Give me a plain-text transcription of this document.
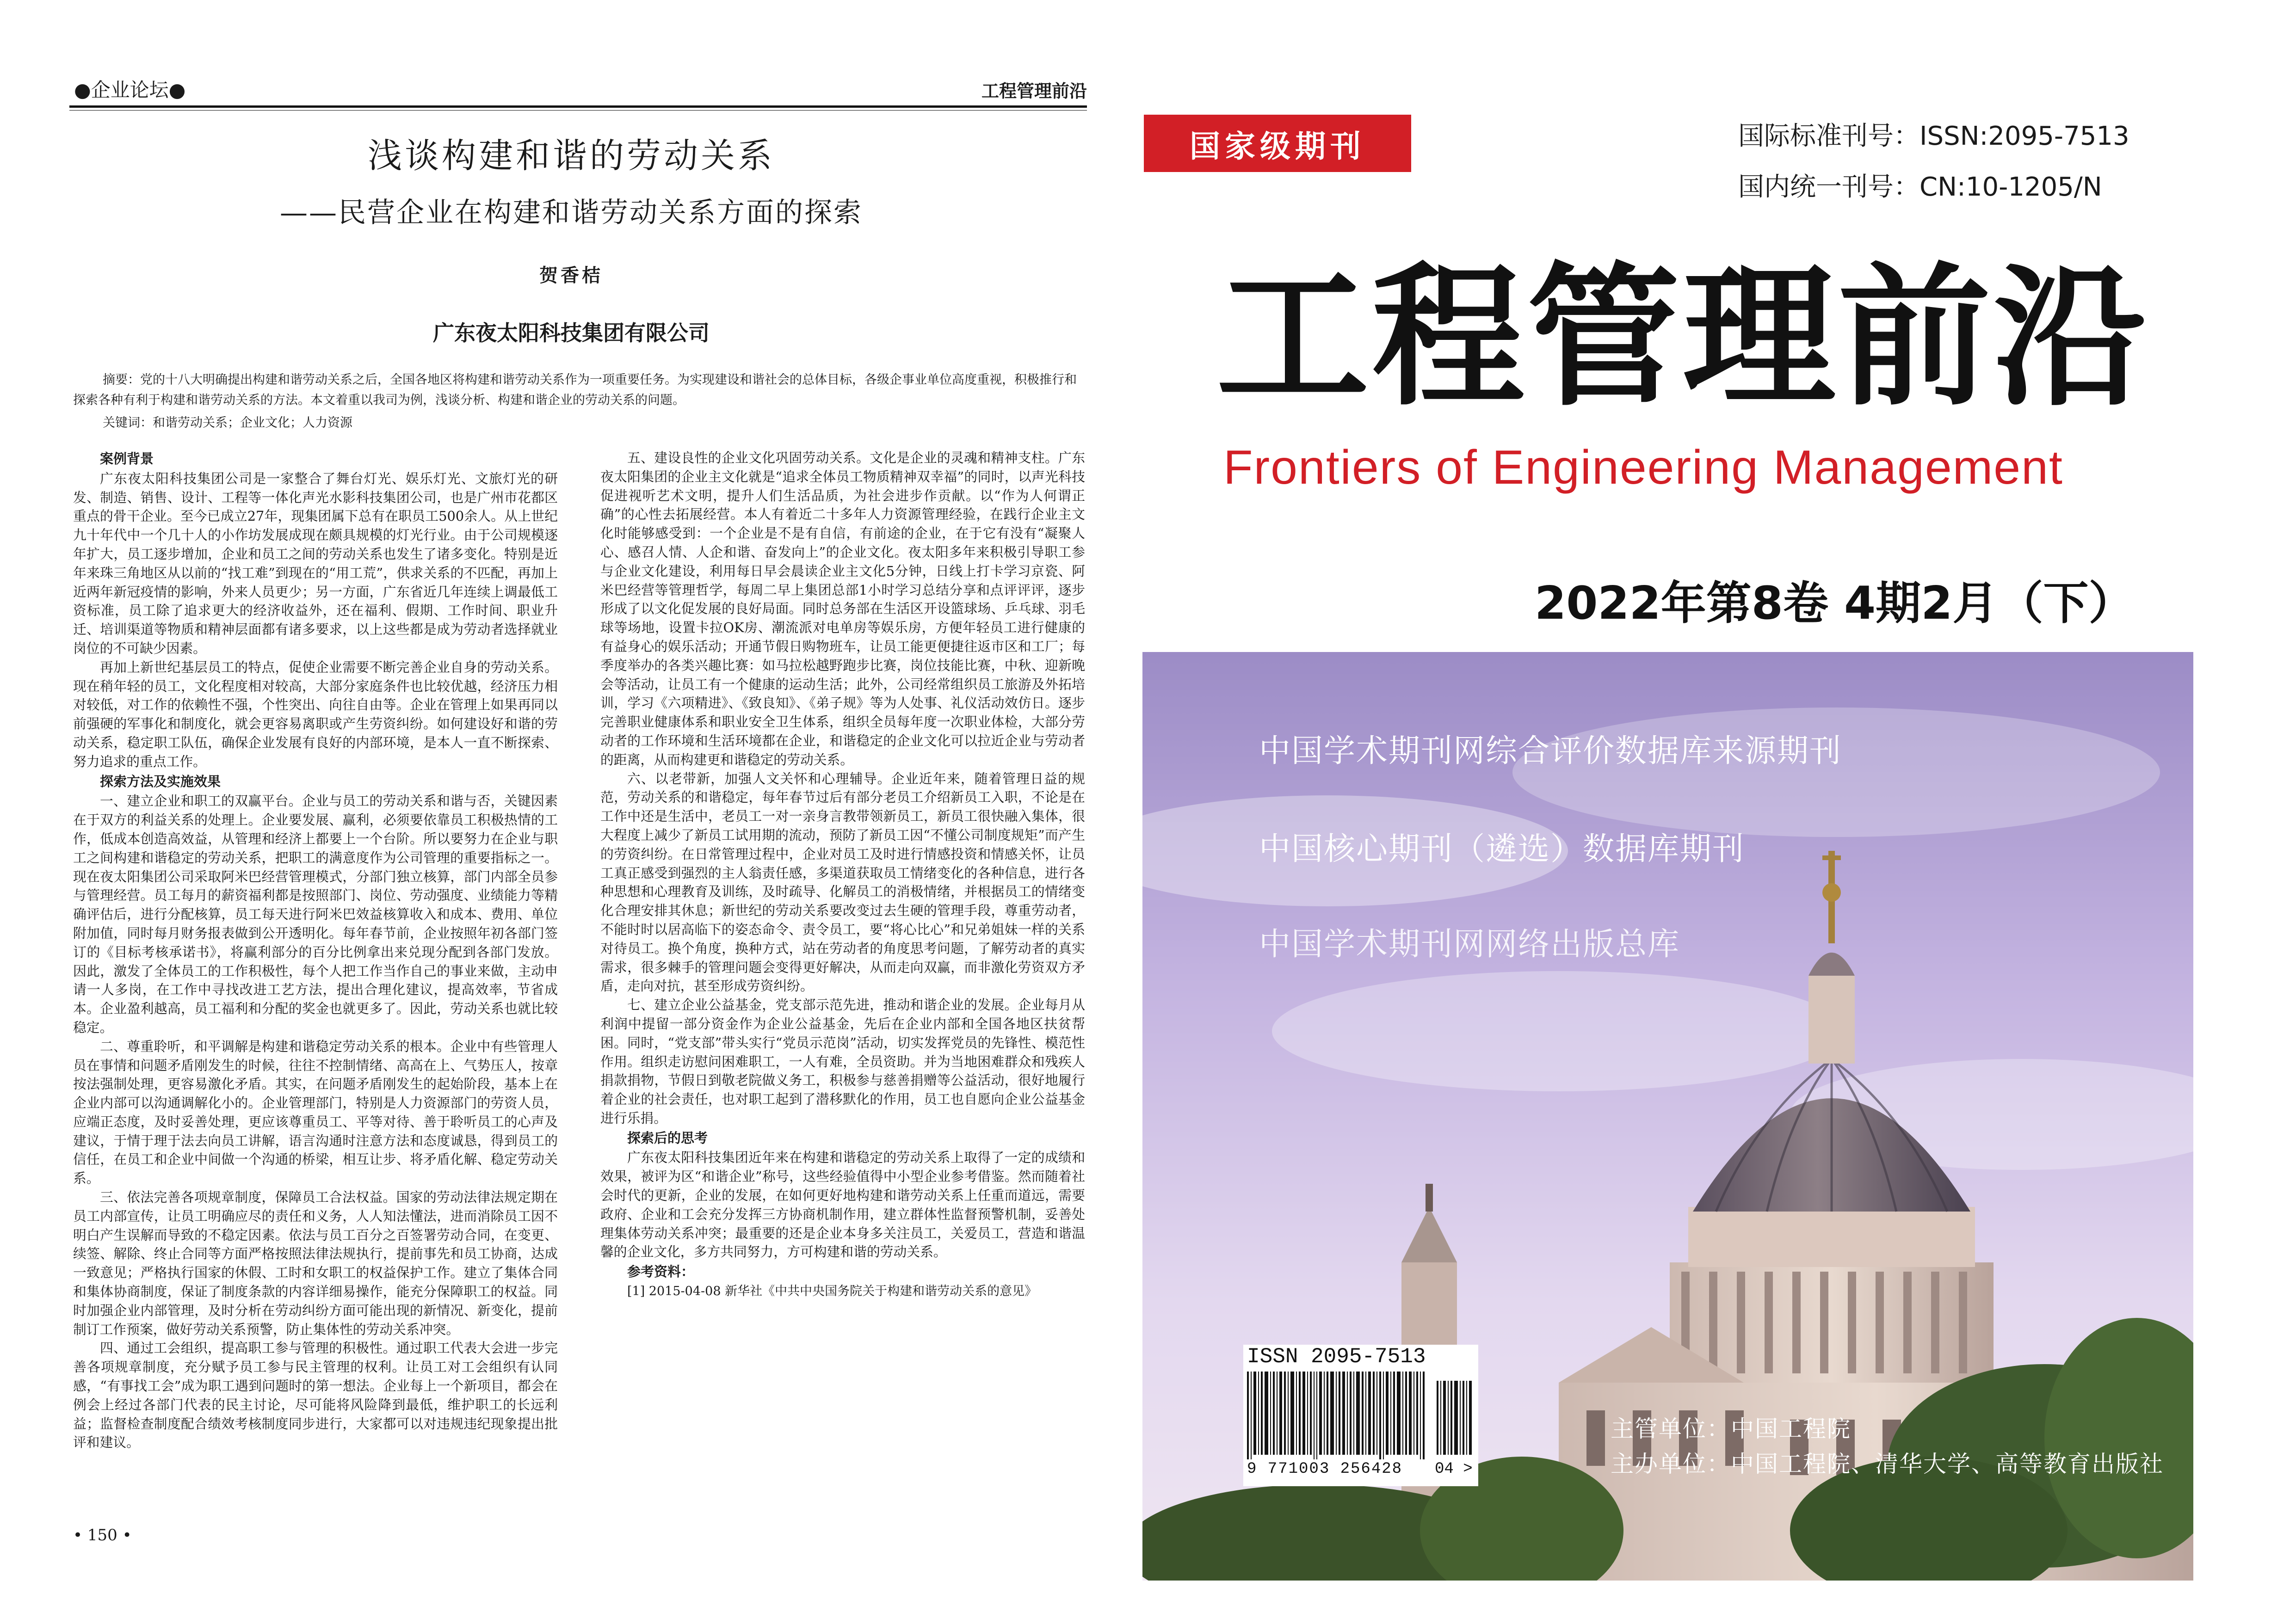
●企业论坛●	工程管理前沿
浅谈构建和谐的劳动关系
——民营企业在构建和谐劳动关系方面的探索
贺香桔
广东夜太阳科技集团有限公司
摘要：党的十八大明确提出构建和谐劳动关系之后，全国各地区将构建和谐劳动关系作为一项重要任务。为实现建设和谐社会的总体目标，各级企事业单位高度重视，积极推行和探索各种有利于构建和谐劳动关系的方法。本文着重以我司为例，浅谈分析、构建和谐企业的劳动关系的问题。
关键词：和谐劳动关系；企业文化；人力资源
案例背景

广东夜太阳科技集团公司是一家整合了舞台灯光、娱乐灯光、文旅灯光的研发、制造、销售、设计、工程等一体化声光水影科技集团公司，也是广州市花都区重点的骨干企业。至今已成立27年，现集团属下总有在职员工500余人。从上世纪九十年代中一个几十人的小作坊发展成现在颇具规模的灯光行业。由于公司规模逐年扩大，员工逐步增加，企业和员工之间的劳动关系也发生了诸多变化。特别是近年来珠三角地区从以前的“找工难”到现在的“用工荒”，供求关系的不匹配，再加上近两年新冠疫情的影响，外来人员更少；另一方面，广东省近几年连续上调最低工资标准，员工除了追求更大的经济收益外，还在福利、假期、工作时间、职业升迁、培训渠道等物质和精神层面都有诸多要求，以上这些都是成为劳动者选择就业岗位的不可缺少因素。

再加上新世纪基层员工的特点，促使企业需要不断完善企业自身的劳动关系。现在稍年轻的员工，文化程度相对较高，大部分家庭条件也比较优越，经济压力相对较低，对工作的依赖性不强，个性突出、向往自由等。企业在管理上如果再同以前强硬的军事化和制度化，就会更容易离职或产生劳资纠纷。如何建设好和谐的劳动关系，稳定职工队伍，确保企业发展有良好的内部环境，是本人一直不断探索、努力追求的重点工作。

探索方法及实施效果

一、建立企业和职工的双赢平台。企业与员工的劳动关系和谐与否，关键因素在于双方的利益关系的处理上。企业要发展、赢利，必须要依靠员工积极热情的工作，低成本创造高效益，从管理和经济上都要上一个台阶。所以要努力在企业与职工之间构建和谐稳定的劳动关系，把职工的满意度作为公司管理的重要指标之一。现在夜太阳集团公司采取阿米巴经营管理模式，分部门独立核算，部门内部全员参与管理经营。员工每月的薪资福利都是按照部门、岗位、劳动强度、业绩能力等精确评估后，进行分配核算，员工每天进行阿米巴效益核算收入和成本、费用、单位附加值，同时每月财务报表做到公开透明化。每年春节前，企业按照年初各部门签订的《目标考核承诺书》，将赢利部分的百分比例拿出来兑现分配到各部门发放。因此，激发了全体员工的工作积极性，每个人把工作当作自己的事业来做，主动申请一人多岗，在工作中寻找改进工艺方法，提出合理化建议，提高效率，节省成本。企业盈利越高，员工福利和分配的奖金也就更多了。因此，劳动关系也就比较稳定。

二、尊重聆听，和平调解是构建和谐稳定劳动关系的根本。企业中有些管理人员在事情和问题矛盾刚发生的时候，往往不控制情绪、高高在上、气势压人，按章按法强制处理，更容易激化矛盾。其实，在问题矛盾刚发生的起始阶段，基本上在企业内部可以沟通调解化小的。企业管理部门，特别是人力资源部门的劳资人员，应端正态度，及时妥善处理，更应该尊重员工、平等对待、善于聆听员工的心声及建议，于情于理于法去向员工讲解，语言沟通时注意方法和态度诚恳，得到员工的信任，在员工和企业中间做一个沟通的桥梁，相互让步、将矛盾化解、稳定劳动关系。

三、依法完善各项规章制度，保障员工合法权益。国家的劳动法律法规定期在员工内部宣传，让员工明确应尽的责任和义务，人人知法懂法，进而消除员工因不明白产生误解而导致的不稳定因素。依法与员工百分之百签署劳动合同，在变更、续签、解除、终止合同等方面严格按照法律法规执行，提前事先和员工协商，达成一致意见；严格执行国家的休假、工时和女职工的权益保护工作。建立了集体合同和集体协商制度，保证了制度条款的内容详细易操作，能充分保障职工的权益。同时加强企业内部管理，及时分析在劳动纠纷方面可能出现的新情况、新变化，提前制订工作预案，做好劳动关系预警，防止集体性的劳动关系冲突。

四、通过工会组织，提高职工参与管理的积极性。通过职工代表大会进一步完善各项规章制度，充分赋予员工参与民主管理的权利。让员工对工会组织有认同感，“有事找工会”成为职工遇到问题时的第一想法。企业每上一个新项目，都会在例会上经过各部门代表的民主讨论，尽可能将风险降到最低，维护职工的长远利益；监督检查制度配合绩效考核制度同步进行，大家都可以对违规违纪现象提出批评和建议。

五、建设良性的企业文化巩固劳动关系。文化是企业的灵魂和精神支柱。广东夜太阳集团的企业主文化就是“追求全体员工物质精神双幸福”的同时，以声光科技促进视听艺术文明，提升人们生活品质，为社会进步作贡献。以“作为人何谓正确”的心性去拓展经营。本人有着近二十多年人力资源管理经验，在践行企业主文化时能够感受到：一个企业是不是有自信，有前途的企业，在于它有没有“凝聚人心、感召人情、人企和谐、奋发向上”的企业文化。夜太阳多年来积极引导职工参与企业文化建设，利用每日早会晨读企业主文化5分钟，日线上打卡学习京瓷、阿米巴经营等管理哲学，每周二早上集团总部1小时学习总结分享和点评评评，逐步形成了以文化促发展的良好局面。同时总务部在生活区开设篮球场、乒乓球、羽毛球等场地，设置卡拉OK房、潮流派对电单房等娱乐房，方便年轻员工进行健康的有益身心的娱乐活动；开通节假日购物班车，让员工能更便捷往返市区和工厂；每季度举办的各类兴趣比赛：如马拉松越野跑步比赛，岗位技能比赛，中秋、迎新晚会等活动，让员工有一个健康的运动生活；此外，公司经常组织员工旅游及外拓培训，学习《六项精进》、《致良知》、《弟子规》等为人处事、礼仪活动效仿日。逐步完善职业健康体系和职业安全卫生体系，组织全员每年度一次职业体检，大部分劳动者的工作环境和生活环境都在企业，和谐稳定的企业文化可以拉近企业与劳动者的距离，从而构建更和谐稳定的劳动关系。

六、以老带新，加强人文关怀和心理辅导。企业近年来，随着管理日益的规范，劳动关系的和谐稳定，每年春节过后有部分老员工介绍新员工入职，不论是在工作中还是生活中，老员工一对一亲身言教带领新员工，新员工很快融入集体，很大程度上减少了新员工试用期的流动，预防了新员工因“不懂公司制度规矩”而产生的劳资纠纷。在日常管理过程中，企业对员工及时进行情感投资和情感关怀，让员工真正感受到强烈的主人翁责任感，多渠道获取员工情绪变化的各种信息，进行各种思想和心理教育及训练，及时疏导、化解员工的消极情绪，并根据员工的情绪变化合理安排其休息；新世纪的劳动关系要改变过去生硬的管理手段，尊重劳动者，不能时时以居高临下的姿态命令、责令员工，要“将心比心”和兄弟姐妹一样的关系对待员工。换个角度，换种方式，站在劳动者的角度思考问题，了解劳动者的真实需求，很多棘手的管理问题会变得更好解决，从而走向双赢，而非激化劳资双方矛盾，走向对抗，甚至形成劳资纠纷。

七、建立企业公益基金，党支部示范先进，推动和谐企业的发展。企业每月从利润中提留一部分资金作为企业公益基金，先后在企业内部和全国各地区扶贫帮困。同时，“党支部”带头实行“党员示范岗”活动，切实发挥党员的先锋性、模范性作用。组织走访慰问困难职工，一人有难，全员资助。并为当地困难群众和残疾人捐款捐物，节假日到敬老院做义务工，积极参与慈善捐赠等公益活动，很好地履行着企业的社会责任，也对职工起到了潜移默化的作用，员工也自愿向企业公益基金进行乐捐。

探索后的思考

广东夜太阳科技集团近年来在构建和谐稳定的劳动关系上取得了一定的成绩和效果，被评为区“和谐企业”称号，这些经验值得中小型企业参考借鉴。然而随着社会时代的更新，企业的发展，在如何更好地构建和谐劳动关系上任重而道远，需要政府、企业和工会充分发挥三方协商机制作用，建立群体性监督预警机制，妥善处理集体劳动关系冲突；最重要的还是企业本身多关注员工，关爱员工，营造和谐温馨的企业文化，多方共同努力，方可构建和谐的劳动关系。

参考资料：

[1] 2015-04-08 新华社《中共中央国务院关于构建和谐劳动关系的意见》

• 150 •
国家级期刊	国际标准刊号：ISSN:2095-7513
国内统一刊号：CN:10-1205/N
工程管理前沿
Frontiers of Engineering Management
2022年第8卷 4期2月（下）
中国学术期刊网综合评价数据库来源期刊
中国核心期刊（遴选）数据库期刊
中国学术期刊网网络出版总库
ISSN 2095-7513
9 771003 256428 04 >
主管单位：中国工程院
主办单位：中国工程院、清华大学、高等教育出版社
